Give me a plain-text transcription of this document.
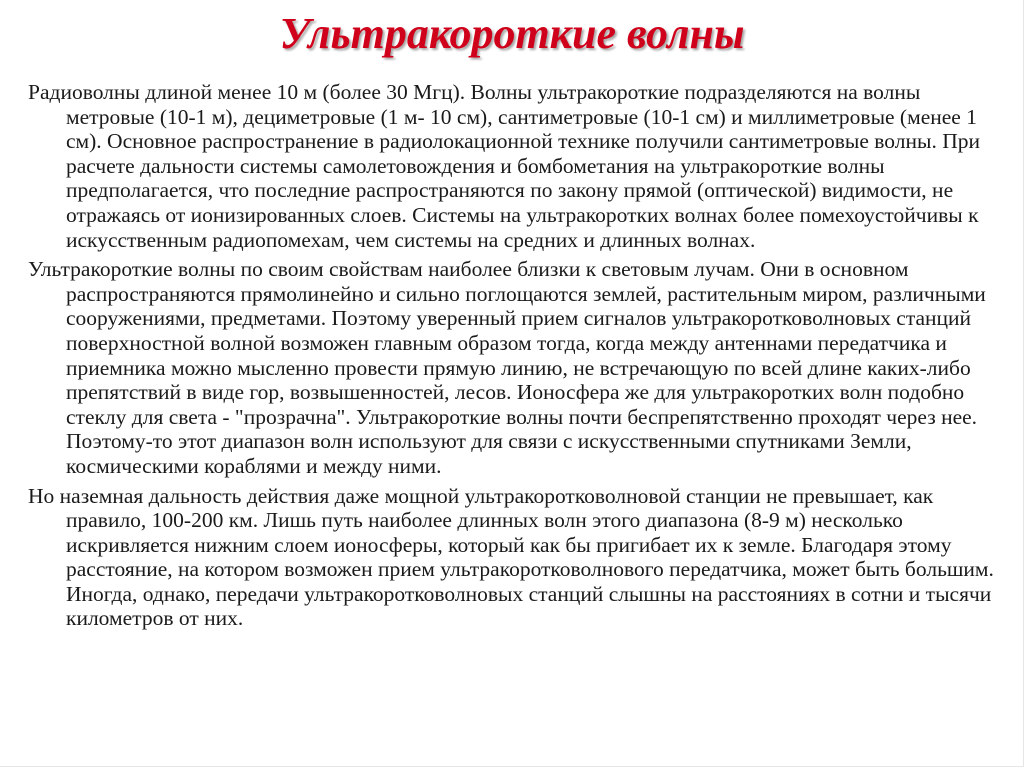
Ультракороткие волны

Радиоволны длиной менее 10 м (более 30 Мгц). Волны ультракороткие подразделяются на волны метровые (10-1 м), дециметровые (1 м- 10 см), сантиметровые (10-1 см) и миллиметровые (менее 1 см). Основное распространение в радиолокационной технике получили сантиметровые волны. При расчете дальности системы самолетовождения и бомбометания на ультракороткие волны предполагается, что последние распространяются по закону прямой (оптической) видимости, не отражаясь от ионизированных слоев. Системы на ультракоротких волнах более помехоустойчивы к искусственным радиопомехам, чем системы на средних и длинных волнах.

Ультракороткие волны по своим свойствам наиболее близки к световым лучам. Они в основном распространяются прямолинейно и сильно поглощаются землей, растительным миром, различными сооружениями, предметами. Поэтому уверенный прием сигналов ультракоротковолновых станций поверхностной волной возможен главным образом тогда, когда между антеннами передатчика и приемника можно мысленно провести прямую линию, не встречающую по всей длине каких-либо препятствий в виде гор, возвышенностей, лесов. Ионосфера же для ультракоротких волн подобно стеклу для света - "прозрачна". Ультракороткие волны почти беспрепятственно проходят через нее. Поэтому-то этот диапазон волн используют для связи с искусственными спутниками Земли, космическими кораблями и между ними.

Но наземная дальность действия даже мощной ультракоротковолновой станции не превышает, как правило, 100-200 км. Лишь путь наиболее длинных волн этого диапазона (8-9 м) несколько искривляется нижним слоем ионосферы, который как бы пригибает их к земле. Благодаря этому расстояние, на котором возможен прием ультракоротковолнового передатчика, может быть большим. Иногда, однако, передачи ультракоротковолновых станций слышны на расстояниях в сотни и тысячи километров от них.
